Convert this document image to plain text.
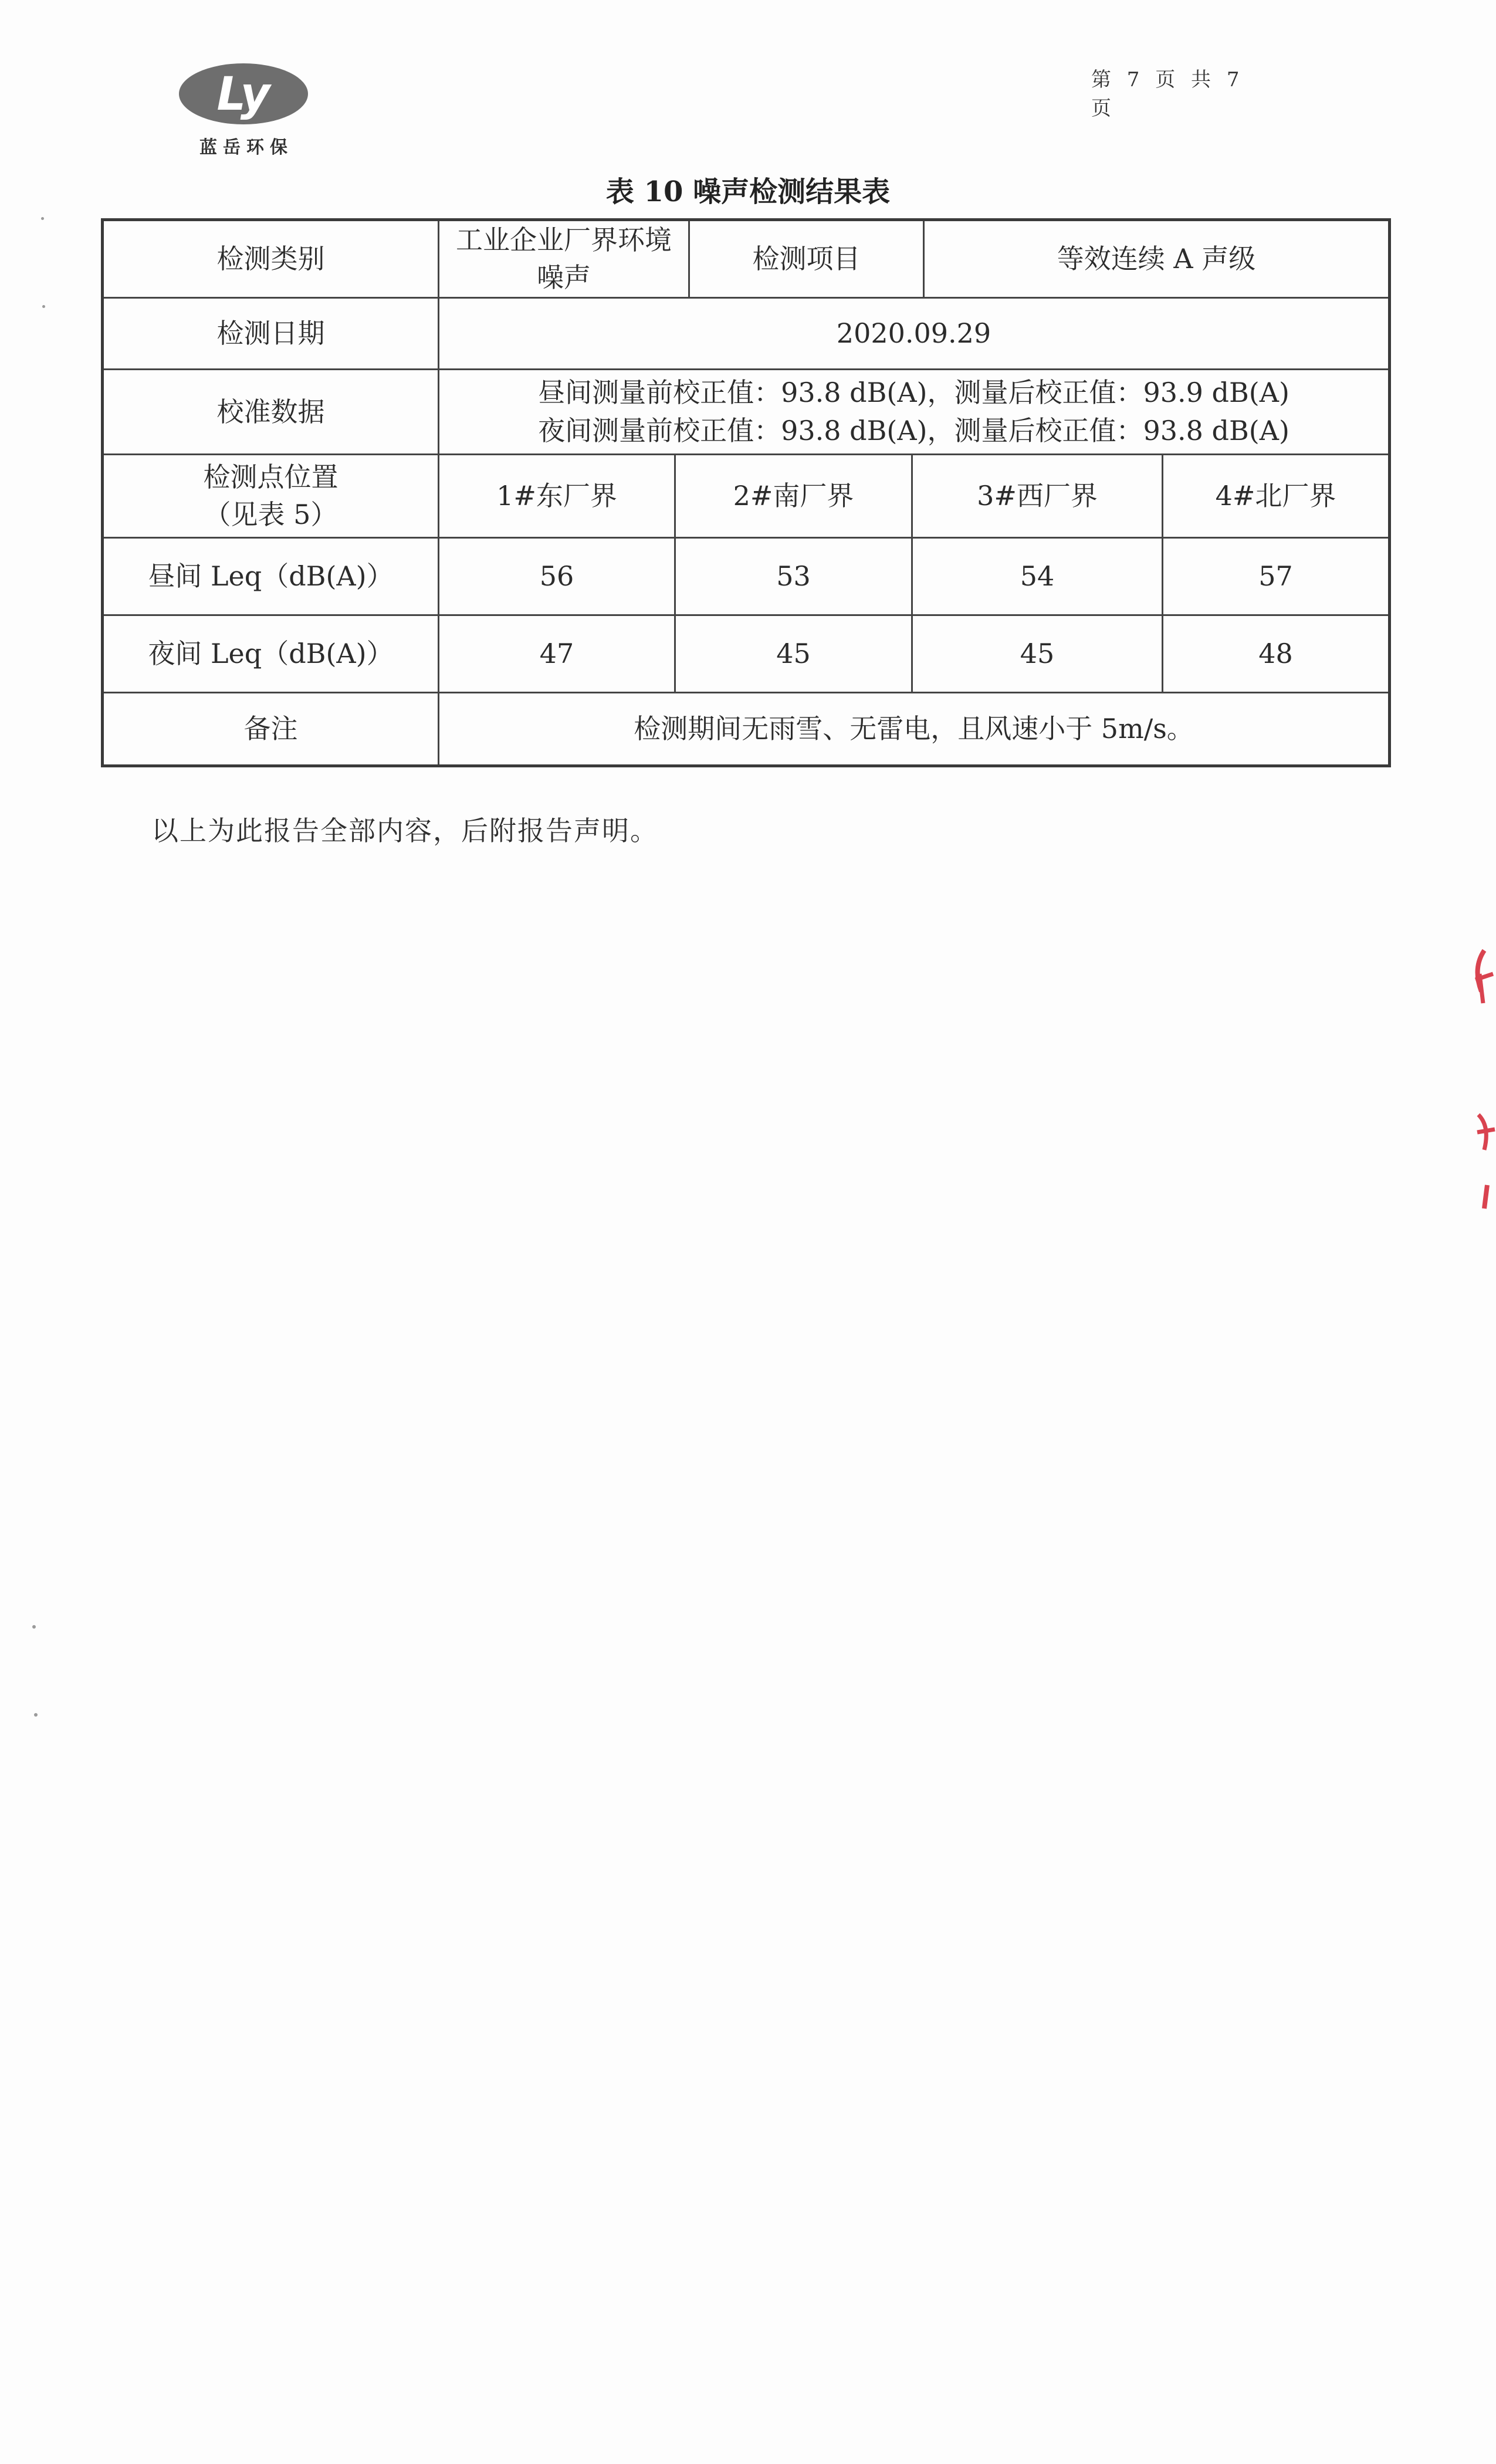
Ly
蓝岳环保
第 7 页 共 7 页
表 10 噪声检测结果表
检测类别	工业企业厂界环境噪声		检测项目		等效连续 A 声级	
检测日期	2020.09.29					
校准数据	昼间测量前校正值：93.8 dB(A)，测量后校正值：93.9 dB(A)
夜间测量前校正值：93.8 dB(A)，测量后校正值：93.8 dB(A)					

检测点位置
（见表 5）	1#东厂界	2#南厂界		3#西厂界		4#北厂界
昼间 Leq（dB(A)）	56	53		54		57
夜间 Leq（dB(A)）	47	45		45		48
备注	检测期间无雨雪、无雷电，且风速小于 5m/s。					
以上为此报告全部内容，后附报告声明。
